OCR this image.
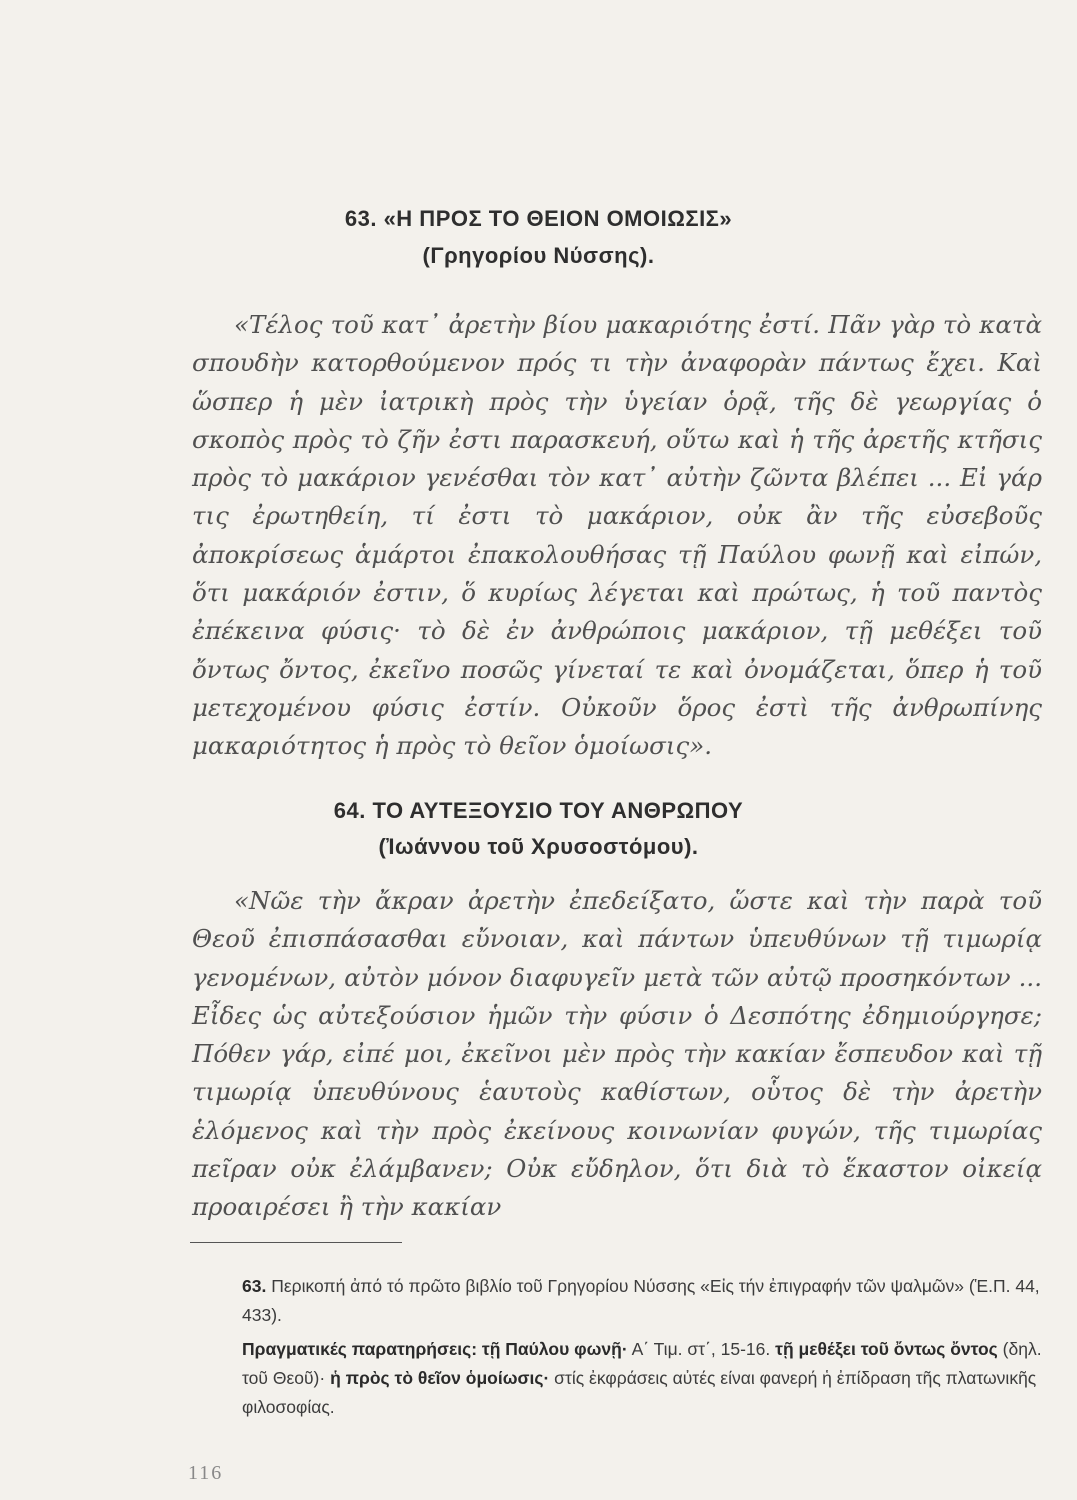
63. «Η ΠΡΟΣ ΤΟ ΘΕΙΟΝ ΟΜΟΙΩΣΙΣ»
(Γρηγορίου Νύσσης).
«Τέλος τοῦ κατ᾽ ἀρετὴν βίου μακαριότης ἐστί. Πᾶν γὰρ τὸ κατὰ σπουδὴν κατορθούμενον πρός τι τὴν ἀναφορὰν πάντως ἔχει. Καὶ ὥσπερ ἡ μὲν ἰατρικὴ πρὸς τὴν ὑγείαν ὁρᾷ, τῆς δὲ γεωργίας ὁ σκοπὸς πρὸς τὸ ζῆν ἐστι παρασκευή, οὕτω καὶ ἡ τῆς ἀρετῆς κτῆσις πρὸς τὸ μακάριον γενέσθαι τὸν κατ᾽ αὐτὴν ζῶντα βλέπει ... Εἰ γάρ τις ἐρωτηθείη, τί ἐστι τὸ μακάριον, οὐκ ἂν τῆς εὐσεβοῦς ἀποκρίσεως ἁμάρτοι ἐπακολουθήσας τῇ Παύλου φωνῇ καὶ εἰπών, ὅτι μακάριόν ἐστιν, ὅ κυρίως λέγεται καὶ πρώτως, ἡ τοῦ παντὸς ἐπέκεινα φύσις· τὸ δὲ ἐν ἀνθρώποις μακάριον, τῇ μεθέξει τοῦ ὄντως ὄντος, ἐκεῖνο ποσῶς γίνεταί τε καὶ ὀνομάζεται, ὅπερ ἡ τοῦ μετεχομένου φύσις ἐστίν. Οὐκοῦν ὅρος ἐστὶ τῆς ἀνθρωπίνης μακαριότητος ἡ πρὸς τὸ θεῖον ὁμοίωσις».
64. ΤΟ ΑΥΤΕΞΟΥΣΙΟ ΤΟΥ ΑΝΘΡΩΠΟΥ
(Ἰωάννου τοῦ Χρυσοστόμου).
«Νῶε τὴν ἄκραν ἀρετὴν ἐπεδείξατο, ὥστε καὶ τὴν παρὰ τοῦ Θεοῦ ἐπισπάσασθαι εὔνοιαν, καὶ πάντων ὑπευθύνων τῇ τιμωρίᾳ γενομένων, αὐτὸν μόνον διαφυγεῖν μετὰ τῶν αὐτῷ προσηκόντων ... Εἶδες ὡς αὐτεξούσιον ἡμῶν τὴν φύσιν ὁ Δεσπότης ἐδημιούργησε; Πόθεν γάρ, εἰπέ μοι, ἐκεῖνοι μὲν πρὸς τὴν κακίαν ἔσπευδον καὶ τῇ τιμωρίᾳ ὑπευθύνους ἑαυτοὺς καθίστων, οὗτος δὲ τὴν ἀρετὴν ἑλόμενος καὶ τὴν πρὸς ἐκείνους κοινωνίαν φυγών, τῆς τιμωρίας πεῖραν οὐκ ἐλάμβανεν; Οὐκ εὔδηλον, ὅτι διὰ τὸ ἕκαστον οἰκείᾳ προαιρέσει ἢ τὴν κακίαν
63. Περικοπή ἀπό τό πρῶτο βιβλίο τοῦ Γρηγορίου Νύσσης «Εἰς τήν ἐπιγραφήν τῶν ψαλμῶν» (Ἑ.Π. 44, 433).
Πραγματικές παρατηρήσεις: τῇ Παύλου φωνῇ· Α΄ Τιμ. στ΄, 15-16. τῇ μεθέξει τοῦ ὄντως ὄντος (δηλ. τοῦ Θεοῦ)· ἡ πρὸς τὸ θεῖον ὁμοίωσις· στίς ἐκφράσεις αὐτές είναι φανερή ἡ ἐπίδραση τῆς πλατωνικῆς φιλοσοφίας.
116
